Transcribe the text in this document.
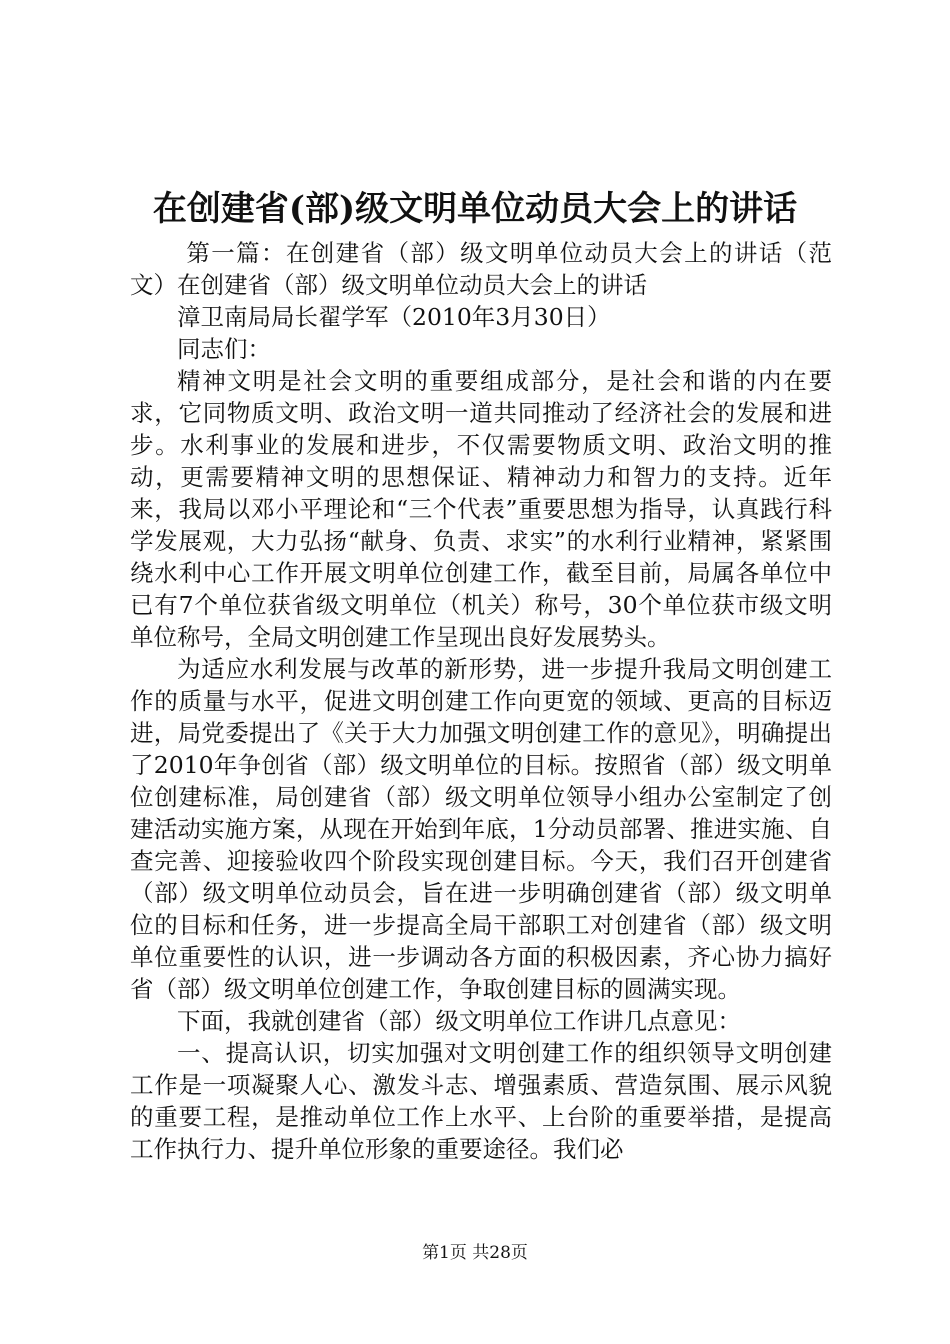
在创建省(部)级文明单位动员大会上的讲话

第一篇：在创建省（部）级文明单位动员大会上的讲话（范文）在创建省（部）级文明单位动员大会上的讲话

漳卫南局局长翟学军（2010年3月30日）

同志们：

精神文明是社会文明的重要组成部分，是社会和谐的内在要求，它同物质文明、政治文明一道共同推动了经济社会的发展和进步。水利事业的发展和进步，不仅需要物质文明、政治文明的推动，更需要精神文明的思想保证、精神动力和智力的支持。近年来，我局以邓小平理论和“三个代表”重要思想为指导，认真践行科学发展观，大力弘扬“献身、负责、求实”的水利行业精神，紧紧围绕水利中心工作开展文明单位创建工作，截至目前，局属各单位中已有7个单位获省级文明单位（机关）称号，30个单位获市级文明单位称号，全局文明创建工作呈现出良好发展势头。

为适应水利发展与改革的新形势，进一步提升我局文明创建工作的质量与水平，促进文明创建工作向更宽的领域、更高的目标迈进，局党委提出了《关于大力加强文明创建工作的意见》，明确提出了2010年争创省（部）级文明单位的目标。按照省（部）级文明单位创建标准，局创建省（部）级文明单位领导小组办公室制定了创建活动实施方案，从现在开始到年底，1分动员部署、推进实施、自查完善、迎接验收四个阶段实现创建目标。今天，我们召开创建省（部）级文明单位动员会，旨在进一步明确创建省（部）级文明单位的目标和任务，进一步提高全局干部职工对创建省（部）级文明单位重要性的认识，进一步调动各方面的积极因素，齐心协力搞好省（部）级文明单位创建工作，争取创建目标的圆满实现。

下面，我就创建省（部）级文明单位工作讲几点意见：

一、提高认识，切实加强对文明创建工作的组织领导文明创建工作是一项凝聚人心、激发斗志、增强素质、营造氛围、展示风貌的重要工程，是推动单位工作上水平、上台阶的重要举措，是提高工作执行力、提升单位形象的重要途径。我们必

第1页 共28页
